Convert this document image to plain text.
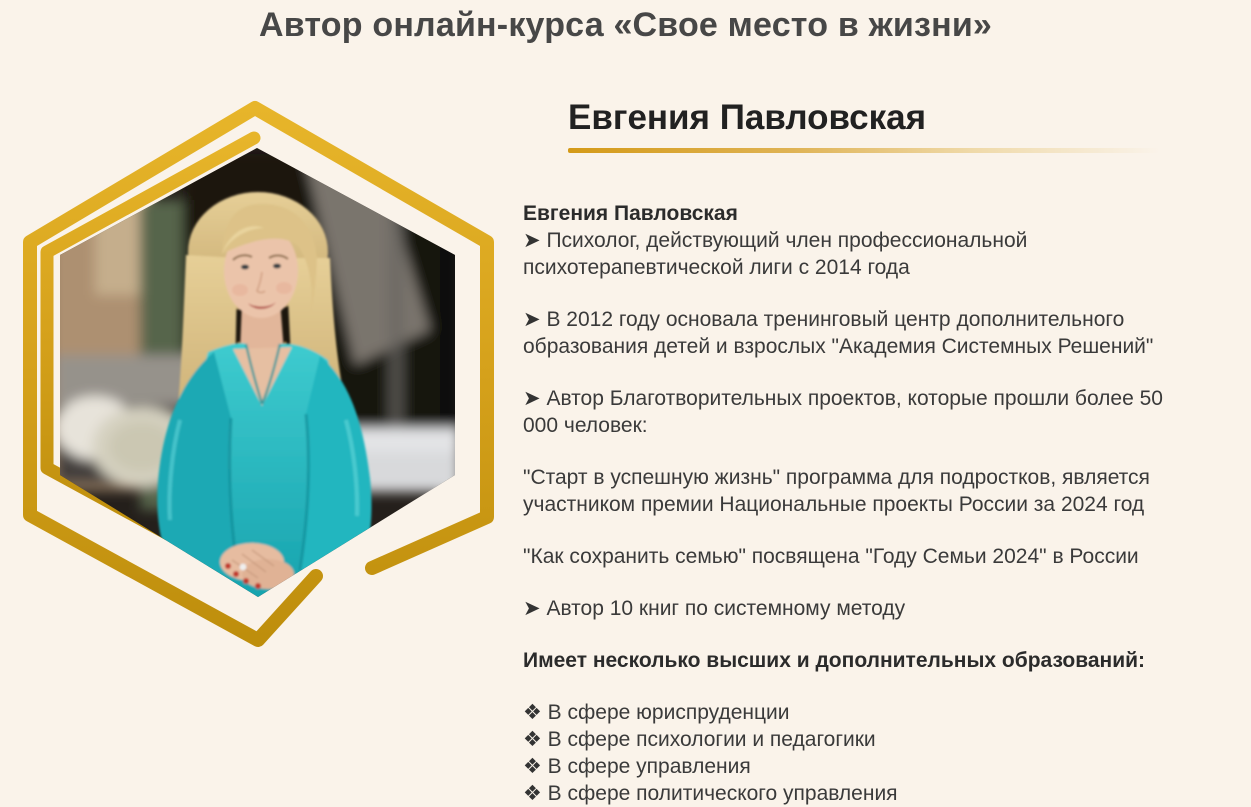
Автор онлайн-курса «Свое место в жизни»
Евгения Павловская

Евгения Павловская

➤ Психолог, действующий член профессиональной
психотерапевтической лиги с 2014 года

➤ В 2012 году основала тренинговый центр дополнительного
образования детей и взрослых "Академия Системных Решений"

➤ Автор Благотворительных проектов, которые прошли более 50
000 человек:

"Старт в успешную жизнь" программа для подростков, является
участником премии Национальные проекты России за 2024 год

"Как сохранить семью" посвящена "Году Семьи 2024" в России

➤ Автор 10 книг по системному методу

Имеет несколько высших и дополнительных образований:

❖ В сфере юриспруденции
❖ В сфере психологии и педагогики
❖ В сфере управления
❖ В сфере политического управления
